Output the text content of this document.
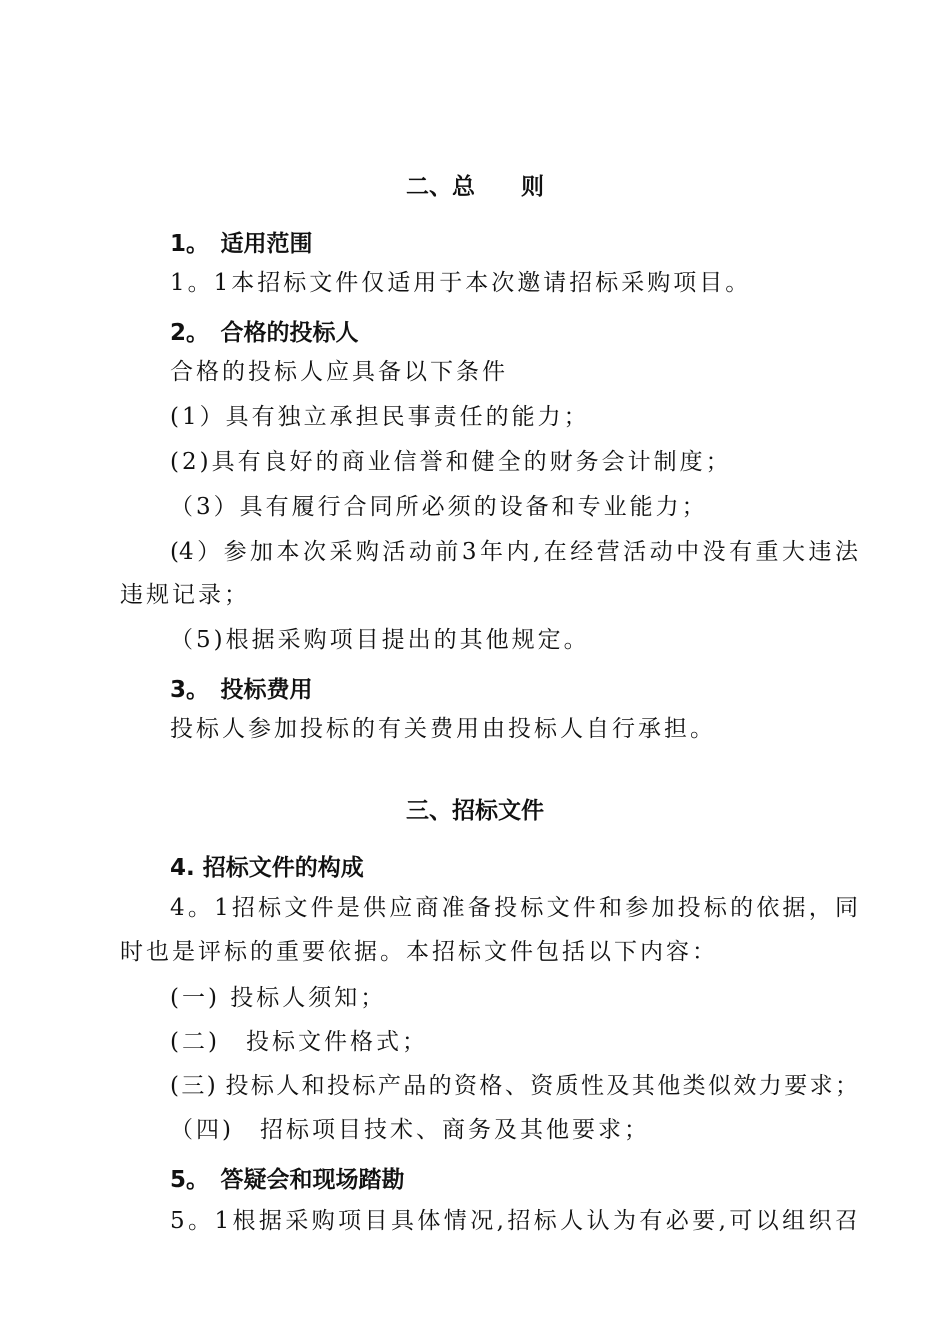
二、总　　则
1。　适用范围
1。1本招标文件仅适用于本次邀请招标采购项目。
2。　合格的投标人
合格的投标人应具备以下条件
(1）具有独立承担民事责任的能力；
(2)具有良好的商业信誉和健全的财务会计制度；
（3）具有履行合同所必须的设备和专业能力；
(4）参加本次采购活动前3年内,在经营活动中没有重大违法
违规记录；
（5)根据采购项目提出的其他规定。
3。　投标费用
投标人参加投标的有关费用由投标人自行承担。
三、招标文件
4. 招标文件的构成
4。1招标文件是供应商准备投标文件和参加投标的依据，同
时也是评标的重要依据。本招标文件包括以下内容：
(一) 投标人须知；
(二)　投标文件格式；
(三) 投标人和投标产品的资格、资质性及其他类似效力要求；
（四)　招标项目技术、商务及其他要求；
5。　答疑会和现场踏勘
5。1根据采购项目具体情况,招标人认为有必要,可以组织召
